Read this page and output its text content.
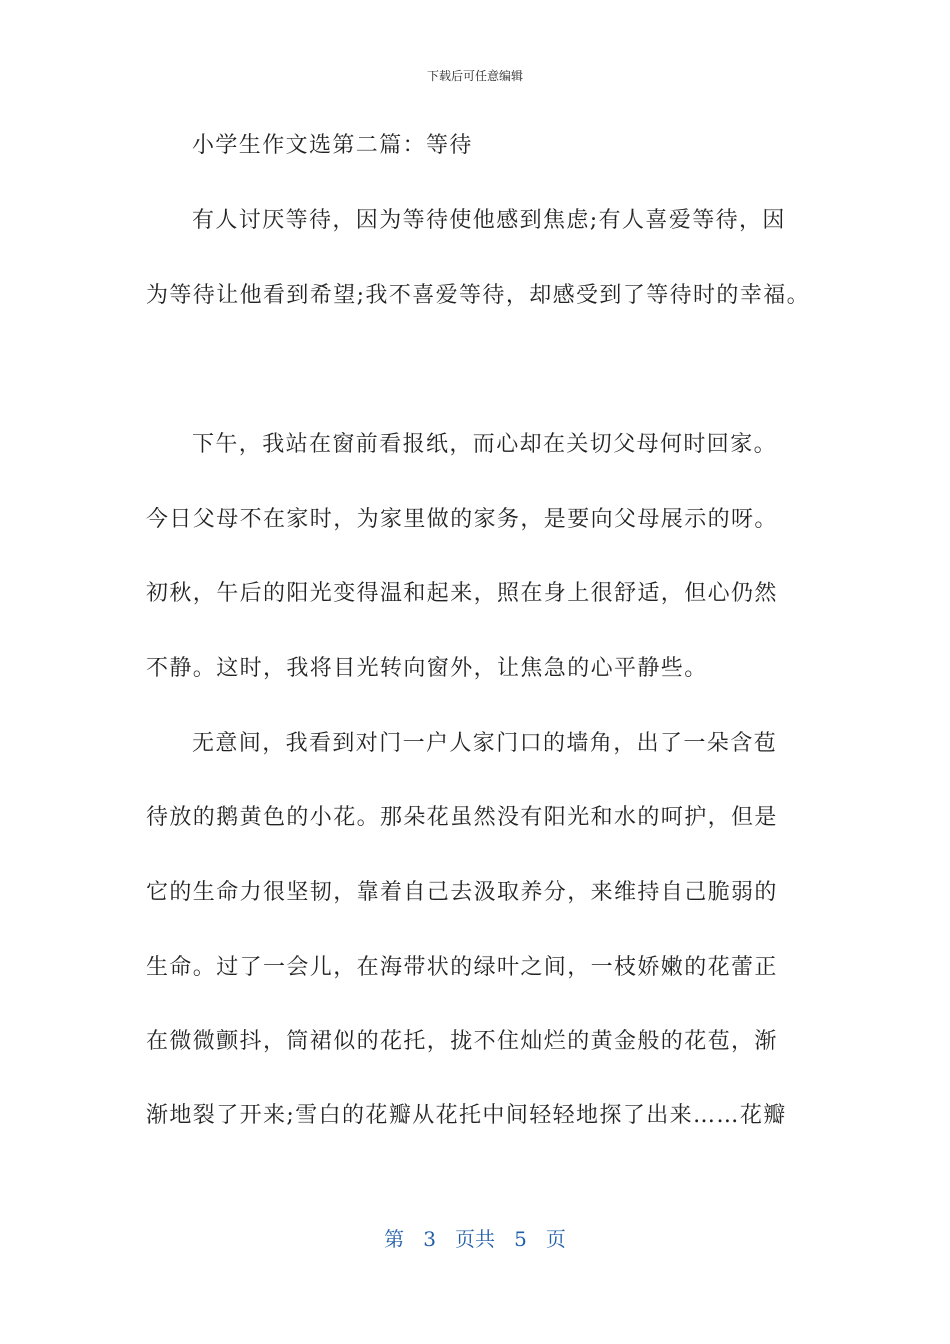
下载后可任意编辑
小学生作文选第二篇：等待
有人讨厌等待，因为等待使他感到焦虑;有人喜爱等待，因
为等待让他看到希望;我不喜爱等待，却感受到了等待时的幸福。
下午，我站在窗前看报纸，而心却在关切父母何时回家。
今日父母不在家时，为家里做的家务，是要向父母展示的呀。
初秋，午后的阳光变得温和起来，照在身上很舒适，但心仍然
不静。这时，我将目光转向窗外，让焦急的心平静些。
无意间，我看到对门一户人家门口的墙角，出了一朵含苞
待放的鹅黄色的小花。那朵花虽然没有阳光和水的呵护，但是
它的生命力很坚韧，靠着自己去汲取养分，来维持自己脆弱的
生命。过了一会儿，在海带状的绿叶之间，一枝娇嫩的花蕾正
在微微颤抖，筒裙似的花托，拢不住灿烂的黄金般的花苞，渐
渐地裂了开来;雪白的花瓣从花托中间轻轻地探了出来……花瓣
第 3 页共 5 页
